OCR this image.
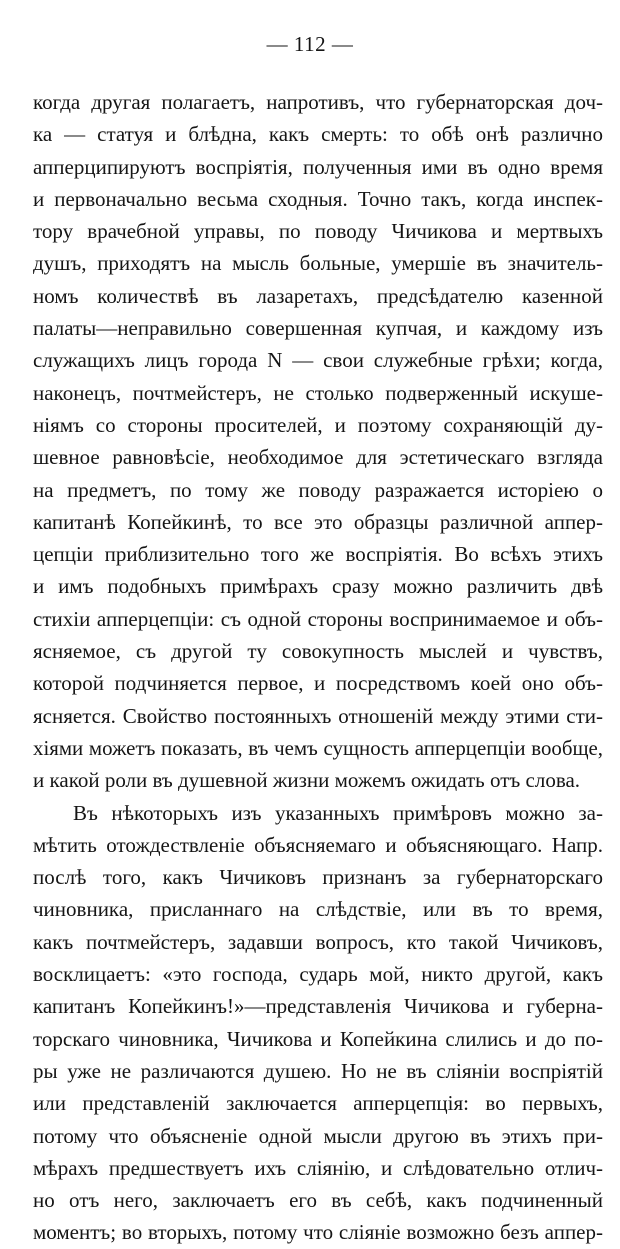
— 112 —
когда другая полагаетъ, напротивъ, что губернаторская доч-
ка — статуя и блѣдна, какъ смерть: то обѣ онѣ различно
апперципируютъ воспріятія, полученныя ими въ одно время
и первоначально весьма сходныя. Точно такъ, когда инспек-
тору врачебной управы, по поводу Чичикова и мертвыхъ
душъ, приходятъ на мысль больные, умершіе въ значитель-
номъ количествѣ въ лазаретахъ, предсѣдателю казенной
палаты—неправильно совершенная купчая, и каждому изъ
служащихъ лицъ города N — свои служебные грѣхи; когда,
наконецъ, почтмейстеръ, не столько подверженный искуше-
ніямъ со стороны просителей, и поэтому сохраняющій ду-
шевное равновѣсіе, необходимое для эстетическаго взгляда
на предметъ, по тому же поводу разражается исторіею о
капитанѣ Копейкинѣ, то все это образцы различной аппер-
цепціи приблизительно того же воспріятія. Во всѣхъ этихъ
и имъ подобныхъ примѣрахъ сразу можно различить двѣ
стихіи апперцепціи: съ одной стороны воспринимаемое и объ-
ясняемое, съ другой ту совокупность мыслей и чувствъ,
которой подчиняется первое, и посредствомъ коей оно объ-
ясняется. Свойство постоянныхъ отношеній между этими сти-
хіями можетъ показать, въ чемъ сущность апперцепціи вообще,
и какой роли въ душевной жизни можемъ ожидать отъ слова.
Въ нѣкоторыхъ изъ указанныхъ примѣровъ можно за-
мѣтить отождествленіе объясняемаго и объясняющаго. Напр.
послѣ того, какъ Чичиковъ признанъ за губернаторскаго
чиновника, присланнаго на слѣдствіе, или въ то время,
какъ почтмейстеръ, задавши вопросъ, кто такой Чичиковъ,
восклицаетъ: «это господа, сударь мой, никто другой, какъ
капитанъ Копейкинъ!»—представленія Чичикова и губерна-
торскаго чиновника, Чичикова и Копейкина слились и до по-
ры уже не различаются душею. Но не въ сліяніи воспріятій
или представленій заключается апперцепція: во первыхъ,
потому что объясненіе одной мысли другою въ этихъ при-
мѣрахъ предшествуетъ ихъ сліянію, и слѣдовательно отлич-
но отъ него, заключаетъ его въ себѣ, какъ подчиненный
моментъ; во вторыхъ, потому что сліяніе возможно безъ аппер-
